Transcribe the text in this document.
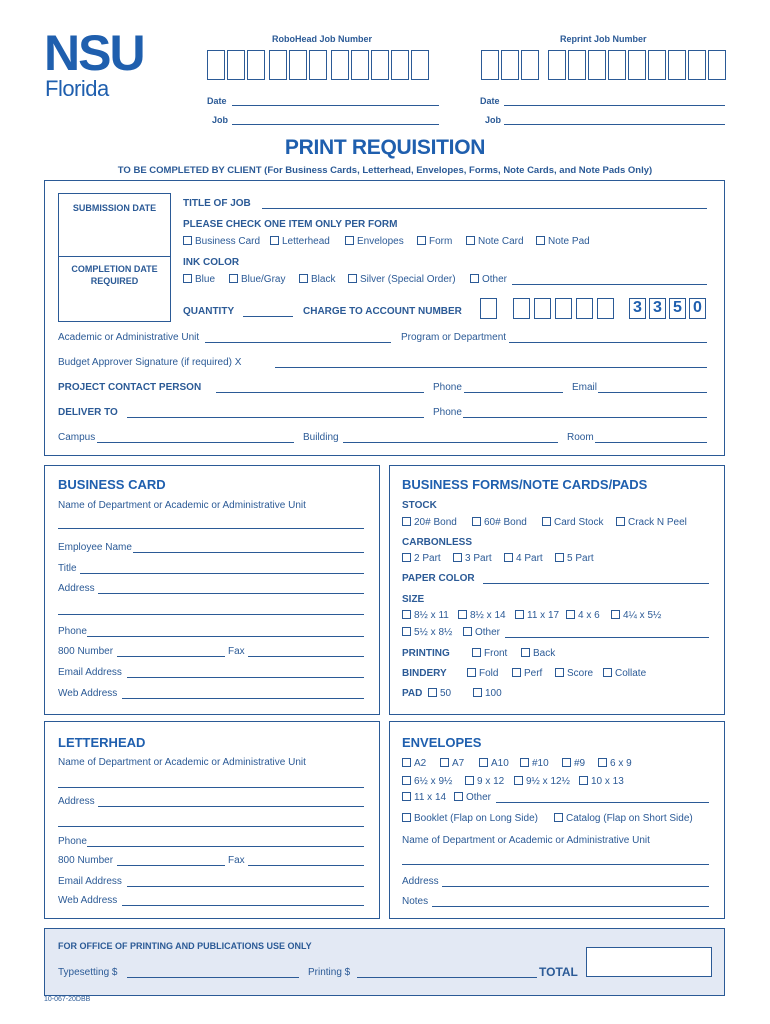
NSU
Florida
RoboHead Job Number	Reprint Job Number
Date
Job
Date
Job
PRINT REQUISITION
TO BE COMPLETED BY CLIENT (For Business Cards, Letterhead, Envelopes, Forms, Note Cards, and Note Pads Only)
SUBMISSION DATE
COMPLETION DATE REQUIRED
TITLE OF JOB
PLEASE CHECK ONE ITEM ONLY PER FORM
Business Card	Letterhead	Envelopes	Form	Note Card	Note Pad
INK COLOR
Blue	Blue/Gray	Black	Silver (Special Order)	Other
QUANTITY	CHARGE TO ACCOUNT NUMBER	3 3 5 0
Academic or Administrative Unit	Program or Department
Budget Approver Signature (if required) X
PROJECT CONTACT PERSON	Phone	Email
DELIVER TO	Phone
Campus	Building	Room
BUSINESS CARD
Name of Department or Academic or Administrative Unit
Employee Name
Title
Address
Phone
800 Number	Fax
Email Address
Web Address
BUSINESS FORMS/NOTE CARDS/PADS
STOCK
20# Bond	60# Bond	Card Stock	Crack N Peel
CARBONLESS
2 Part	3 Part	4 Part	5 Part
PAPER COLOR
SIZE
8½ x 11	8½ x 14	11 x 17	4 x 6	4¼ x 5½
5½ x 8½	Other
PRINTING	Front	Back
BINDERY	Fold	Perf	Score	Collate
PAD	50	100
LETTERHEAD
Name of Department or Academic or Administrative Unit
Address
Phone
800 Number	Fax
Email Address
Web Address
ENVELOPES
A2	A7	A10	#10	#9	6 x 9
6½ x 9½	9 x 12	9½ x 12½	10 x 13
11 x 14	Other
Booklet (Flap on Long Side)	Catalog (Flap on Short Side)
Name of Department or Academic or Administrative Unit
Address
Notes
FOR OFFICE OF PRINTING AND PUBLICATIONS USE ONLY
Typesetting $	Printing $	TOTAL
10-067-20DBB
